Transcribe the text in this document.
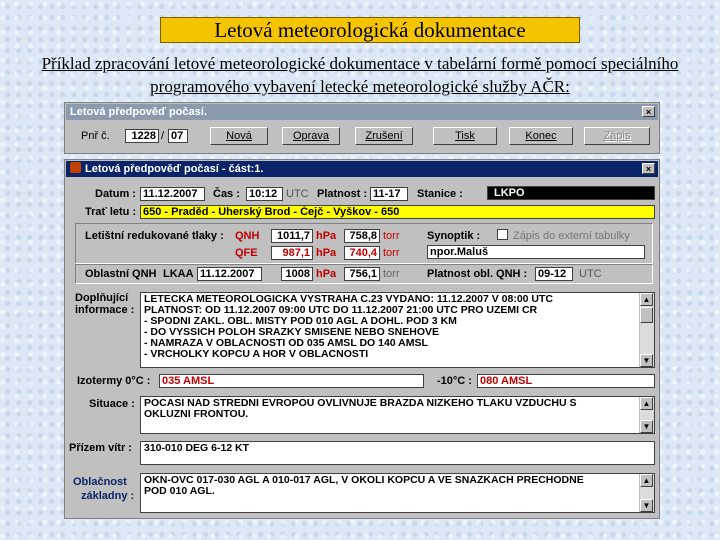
Letová meteorologická dokumentace
Příklad zpracování letové meteorologické dokumentace v tabelární formě pomocí speciálního programového vybavení letecké meteorologické služby AČR:
Letová předpověď počasí.	×
Pnř č.	1228 / 07	Nová	Oprava	Zrušení	Tisk	Konec	Zápis
Letová předpověď počasí - část:1.	×
Datum : 11.12.2007	Čas : 10:12 UTC Platnost : 11-17	Stanice :	LKPO
Trať letu : 650 - Praděd - Uherský Brod - Čejč - Vyškov - 650
Letištní redukované tlaky : QNH	1011,7 hPa	758,8 torr
QFE	987,1 hPa	740,4 torr
Synoptik :	Zápis do externí tabulky
npor.Maluš
Oblastní QNH LKAA 11.12.2007	1008 hPa	756,1 torr	Platnost obl. QNH : 09-12	UTC
Doplňující
informace :
LETECKA METEOROLOGICKA VYSTRAHA C.23 VYDANO: 11.12.2007 V 08:00 UTC
PLATNOST: OD 11.12.2007 09:00 UTC DO 11.12.2007 21:00 UTC PRO UZEMI CR
- SPODNI ZAKL. OBL. MISTY POD 010 AGL A DOHL. POD 3 KM
- DO VYSSICH POLOH SRAZKY SMISENE NEBO SNEHOVE
- NAMRAZA V OBLACNOSTI OD 035 AMSL DO 140 AMSL
- VRCHOLKY KOPCU A HOR V OBLACNOSTI
▲
▼
Izotermy 0°C : 035 AMSL	-10°C : 080 AMSL
Situace : POCASI NAD STREDNI EVROPOU OVLIVNUJE BRAZDA NIZKEHO TLAKU VZDUCHU S
OKLUZNI FRONTOU.
▲
▼
Přízem vítr :	310-010 DEG 6-12 KT
Oblačnost
základny :
OKN-OVC 017-030 AGL A 010-017 AGL, V OKOLI KOPCU A VE SNAZKACH PRECHODNE
POD 010 AGL.
▲
▼
